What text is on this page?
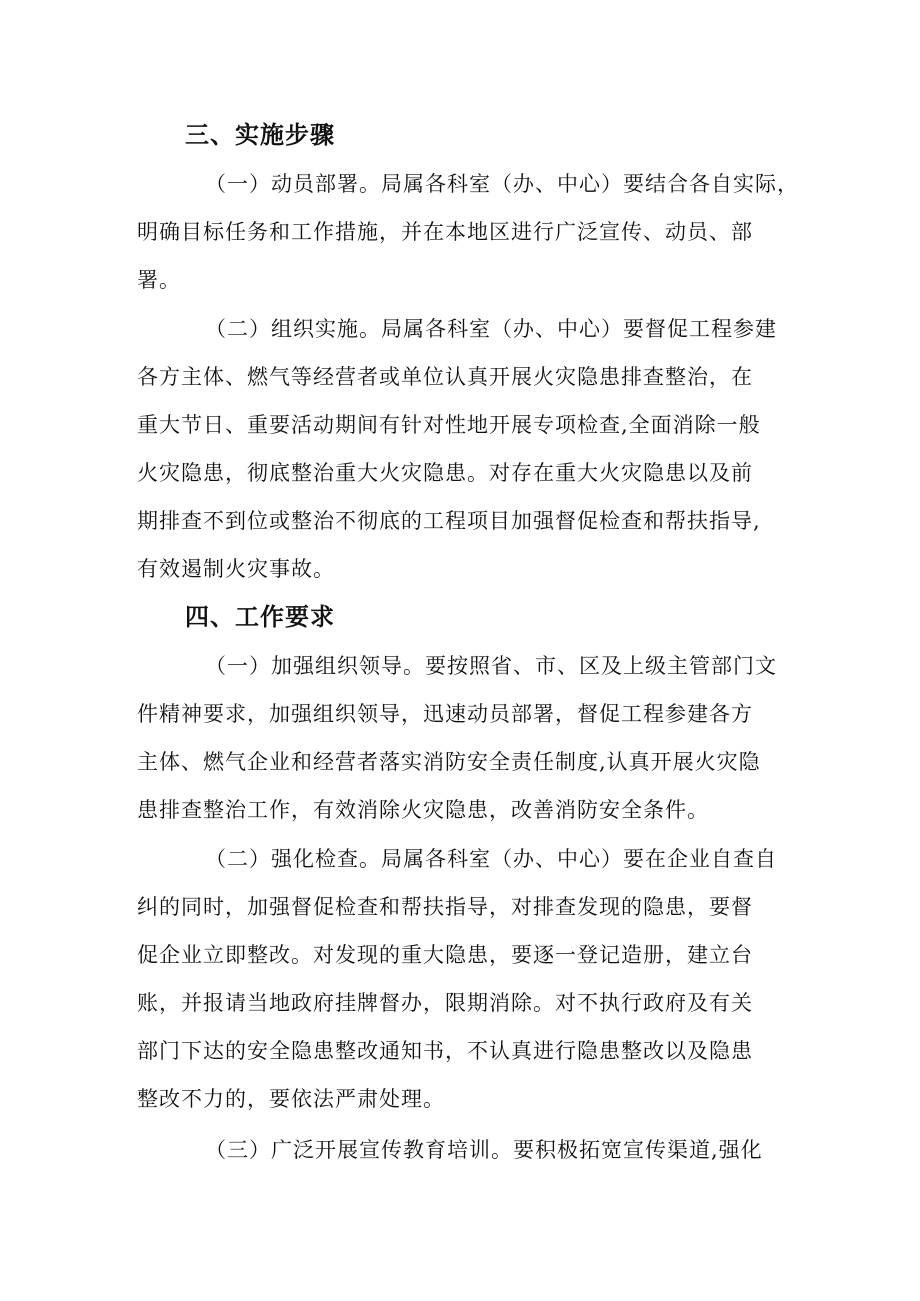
三、实施步骤
（一）动员部署。局属各科室（办、中心）要结合各自实际，
明确目标任务和工作措施，并在本地区进行广泛宣传、动员、部
署。
（二）组织实施。局属各科室（办、中心）要督促工程参建
各方主体、燃气等经营者或单位认真开展火灾隐患排查整治，在
重大节日、重要活动期间有针对性地开展专项检查,全面消除一般
火灾隐患，彻底整治重大火灾隐患。对存在重大火灾隐患以及前
期排查不到位或整治不彻底的工程项目加强督促检查和帮扶指导,
有效遏制火灾事故。
四、工作要求
（一）加强组织领导。要按照省、市、区及上级主管部门文
件精神要求，加强组织领导，迅速动员部署，督促工程参建各方
主体、燃气企业和经营者落实消防安全责任制度,认真开展火灾隐
患排查整治工作，有效消除火灾隐患，改善消防安全条件。
（二）强化检查。局属各科室（办、中心）要在企业自查自
纠的同时，加强督促检查和帮扶指导，对排查发现的隐患，要督
促企业立即整改。对发现的重大隐患，要逐一登记造册，建立台
账，并报请当地政府挂牌督办，限期消除。对不执行政府及有关
部门下达的安全隐患整改通知书，不认真进行隐患整改以及隐患
整改不力的，要依法严肃处理。
（三）广泛开展宣传教育培训。要积极拓宽宣传渠道,强化
